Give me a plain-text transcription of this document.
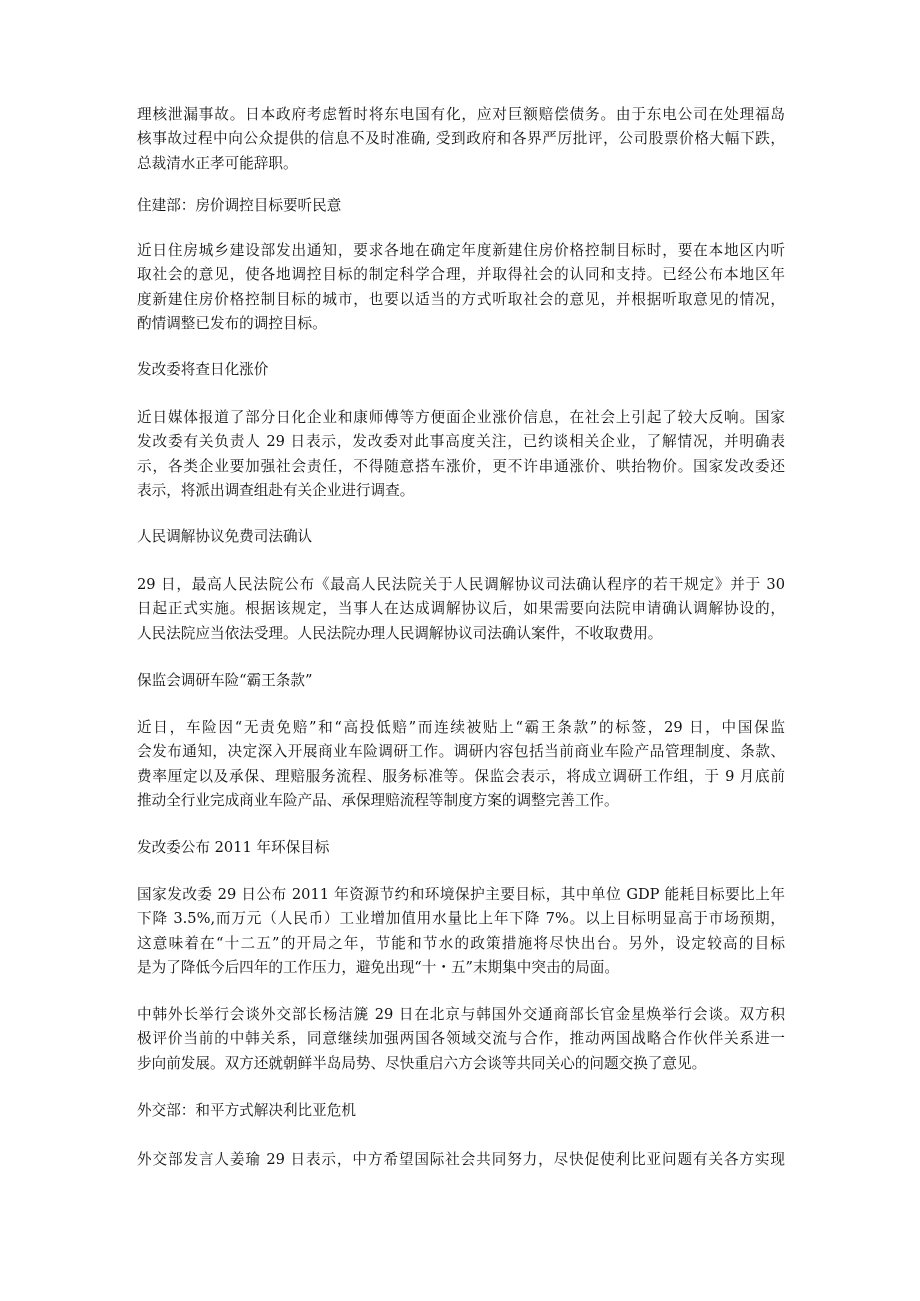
理核泄漏事故。日本政府考虑暂时将东电国有化，应对巨额赔偿债务。由于东电公司在处理福岛
核事故过程中向公众提供的信息不及时准确, 受到政府和各界严厉批评，公司股票价格大幅下跌，
总裁清水正孝可能辞职。
住建部：房价调控目标要听民意
近日住房城乡建设部发出通知，要求各地在确定年度新建住房价格控制目标时，要在本地区内听
取社会的意见，使各地调控目标的制定科学合理，并取得社会的认同和支持。已经公布本地区年
度新建住房价格控制目标的城市，也要以适当的方式听取社会的意见，并根据听取意见的情况，
酌情调整已发布的调控目标。
发改委将查日化涨价
近日媒体报道了部分日化企业和康师傅等方便面企业涨价信息，在社会上引起了较大反响。国家
发改委有关负责人 29 日表示，发改委对此事高度关注，已约谈相关企业，了解情况，并明确表
示，各类企业要加强社会责任，不得随意搭车涨价，更不许串通涨价、哄抬物价。国家发改委还
表示，将派出调查组赴有关企业进行调查。
人民调解协议免费司法确认
29 日，最高人民法院公布《最高人民法院关于人民调解协议司法确认程序的若干规定》并于 30
日起正式实施。根据该规定，当事人在达成调解协议后，如果需要向法院申请确认调解协设的，
人民法院应当依法受理。人民法院办理人民调解协议司法确认案件，不收取费用。
保监会调研车险“霸王条款”
近日，车险因“无责免赔”和“高投低赔”而连续被贴上“霸王条款”的标签，29 日，中国保监
会发布通知，决定深入开展商业车险调研工作。调研内容包括当前商业车险产品管理制度、条款、
费率厘定以及承保、理赔服务流程、服务标准等。保监会表示，将成立调研工作组，于 9 月底前
推动全行业完成商业车险产品、承保理赔流程等制度方案的调整完善工作。
发改委公布 2011 年环保目标
国家发改委 29 日公布 2011 年资源节约和环境保护主要目标，其中单位 GDP 能耗目标要比上年
下降 3.5%,而万元（人民币）工业增加值用水量比上年下降 7%。以上目标明显高于市场预期，
这意味着在“十二五”的开局之年，节能和节水的政策措施将尽快出台。另外，设定较高的目标
是为了降低今后四年的工作压力，避免出现“十・五”末期集中突击的局面。
中韩外长举行会谈外交部长杨洁篪 29 日在北京与韩国外交通商部长官金星焕举行会谈。双方积
极评价当前的中韩关系，同意继续加强两国各领域交流与合作，推动两国战略合作伙伴关系进一
步向前发展。双方还就朝鲜半岛局势、尽快重启六方会谈等共同关心的问题交换了意见。
外交部：和平方式解决利比亚危机
外交部发言人姜瑜 29 日表示，中方希望国际社会共同努力，尽快促使利比亚问题有关各方实现
